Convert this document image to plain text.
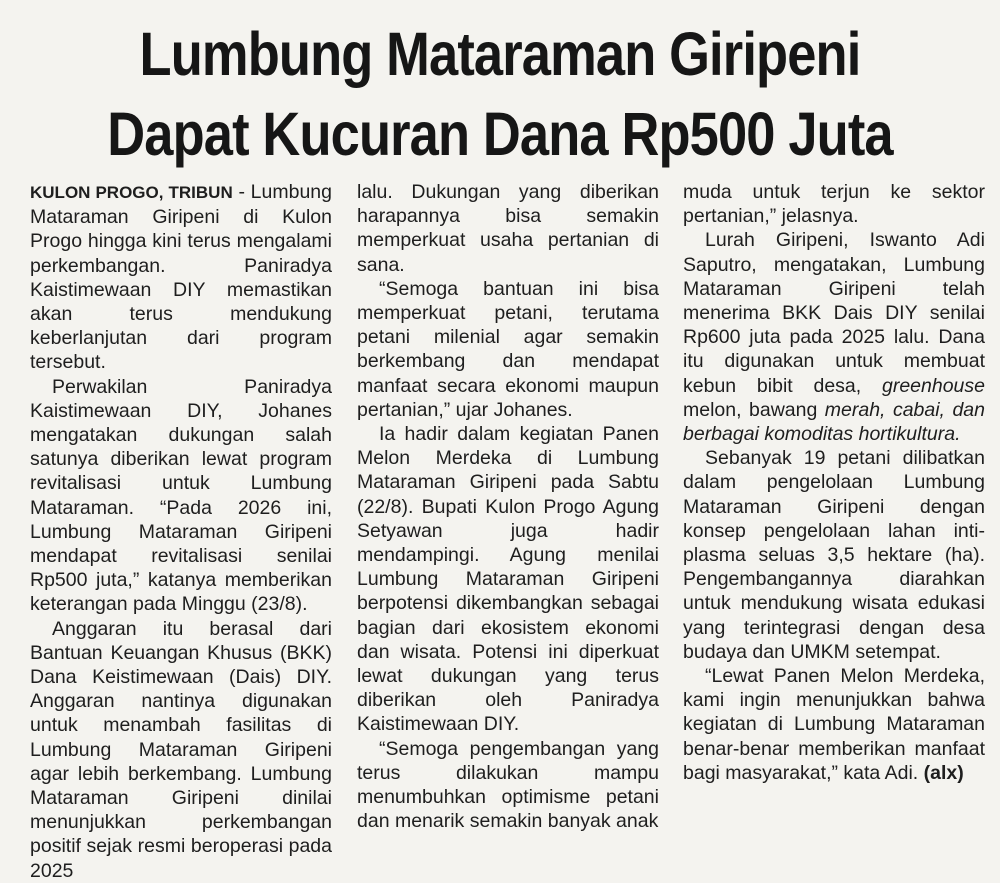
Lumbung Mataraman Giripeni
Dapat Kucuran Dana Rp500 Juta

KULON PROGO, TRIBUN - Lumbung Mataraman Giripeni di Kulon Progo hingga kini terus mengalami perkembangan. Paniradya Kaistimewaan DIY memastikan akan terus mendukung keberlanjutan dari program tersebut.

Perwakilan Paniradya Kaistimewaan DIY, Johanes mengatakan dukungan salah satunya diberikan lewat program revitalisasi untuk Lumbung Mataraman. “Pada 2026 ini, Lumbung Mataraman Giripeni mendapat revitalisasi senilai Rp500 juta,” katanya memberikan keterangan pada Minggu (23/8).

Anggaran itu berasal dari Bantuan Keuangan Khusus (BKK) Dana Keistimewaan (Dais) DIY. Anggaran nantinya digunakan untuk menambah fasilitas di Lumbung Mataraman Giripeni agar lebih berkembang. Lumbung Mataraman Giripeni dinilai menunjukkan perkembangan positif sejak resmi beroperasi pada 2025

lalu. Dukungan yang diberikan harapannya bisa semakin memperkuat usaha pertanian di sana.

“Semoga bantuan ini bisa memperkuat petani, terutama petani milenial agar semakin berkembang dan mendapat manfaat secara ekonomi maupun pertanian,” ujar Johanes.

Ia hadir dalam kegiatan Panen Melon Merdeka di Lumbung Mataraman Giripeni pada Sabtu (22/8). Bupati Kulon Progo Agung Setyawan juga hadir mendampingi. Agung menilai Lumbung Mataraman Giripeni berpotensi dikembangkan sebagai bagian dari ekosistem ekonomi dan wisata. Potensi ini diperkuat lewat dukungan yang terus diberikan oleh Paniradya Kaistimewaan DIY.

“Semoga pengembangan yang terus dilakukan mampu menumbuhkan optimisme petani dan menarik semakin banyak anak

muda untuk terjun ke sektor pertanian,” jelasnya.

Lurah Giripeni, Iswanto Adi Saputro, mengatakan, Lumbung Mataraman Giripeni telah menerima BKK Dais DIY senilai Rp600 juta pada 2025 lalu. Dana itu digunakan untuk membuat kebun bibit desa, greenhouse melon, bawang merah, cabai, dan berbagai komoditas hortikultura.

Sebanyak 19 petani dilibatkan dalam pengelolaan Lumbung Mataraman Giripeni dengan konsep pengelolaan lahan inti-plasma seluas 3,5 hektare (ha). Pengembangannya diarahkan untuk mendukung wisata edukasi yang terintegrasi dengan desa budaya dan UMKM setempat.

“Lewat Panen Melon Merdeka, kami ingin menunjukkan bahwa kegiatan di Lumbung Mataraman benar-benar memberikan manfaat bagi masyarakat,” kata Adi. (alx)
